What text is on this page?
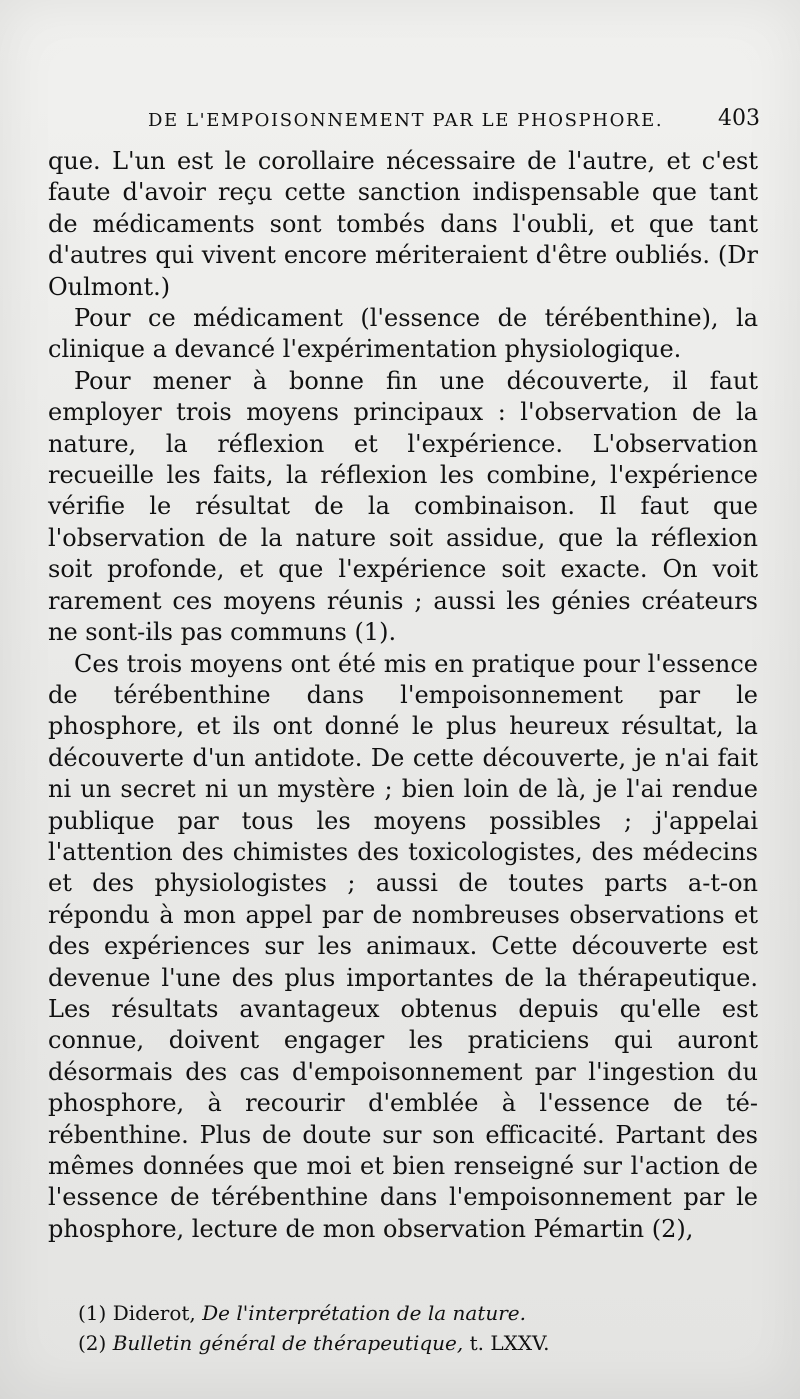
DE L'EMPOISONNEMENT PAR LE PHOSPHORE. 403

que. L'un est le corollaire nécessaire de l'autre, et c'est faute d'avoir reçu cette sanction indispensable que tant de médicaments sont tombés dans l'oubli, et que tant d'autres qui vivent encore mériteraient d'être oubliés. (Dr Oulmont.)

Pour ce médicament (l'essence de térébenthine), la clinique a devancé l'expérimentation physiologique.

Pour mener à bonne fin une découverte, il faut employer trois moyens principaux : l'observation de la nature, la réflexion et l'expérience. L'observation recueille les faits, la réflexion les combine, l'expérience vérifie le résultat de la combinaison. Il faut que l'observation de la nature soit assidue, que la réflexion soit profonde, et que l'expérience soit exacte. On voit rarement ces moyens réunis ; aussi les génies créateurs ne sont-ils pas communs (1).

Ces trois moyens ont été mis en pratique pour l'essence de térébenthine dans l'empoisonnement par le phosphore, et ils ont donné le plus heureux résultat, la découverte d'un antidote. De cette découverte, je n'ai fait ni un secret ni un mystère ; bien loin de là, je l'ai rendue publique par tous les moyens possibles ; j'appelai l'attention des chimistes des toxicologistes, des médecins et des physiologistes ; aussi de toutes parts a-t-on répondu à mon appel par de nombreuses observations et des expériences sur les animaux. Cette découverte est devenue l'une des plus importantes de la thérapeutique. Les résultats avantageux obtenus depuis qu'elle est connue, doivent engager les praticiens qui auront désormais des cas d'empoisonnement par l'ingestion du phosphore, à recourir d'emblée à l'essence de térébenthine. Plus de doute sur son efficacité. Partant des mêmes données que moi et bien renseigné sur l'action de l'essence de térébenthine dans l'empoisonnement par le phosphore, lecture de mon observation Pémartin (2),

(1) Diderot, De l'interprétation de la nature.
(2) Bulletin général de thérapeutique, t. LXXV.
